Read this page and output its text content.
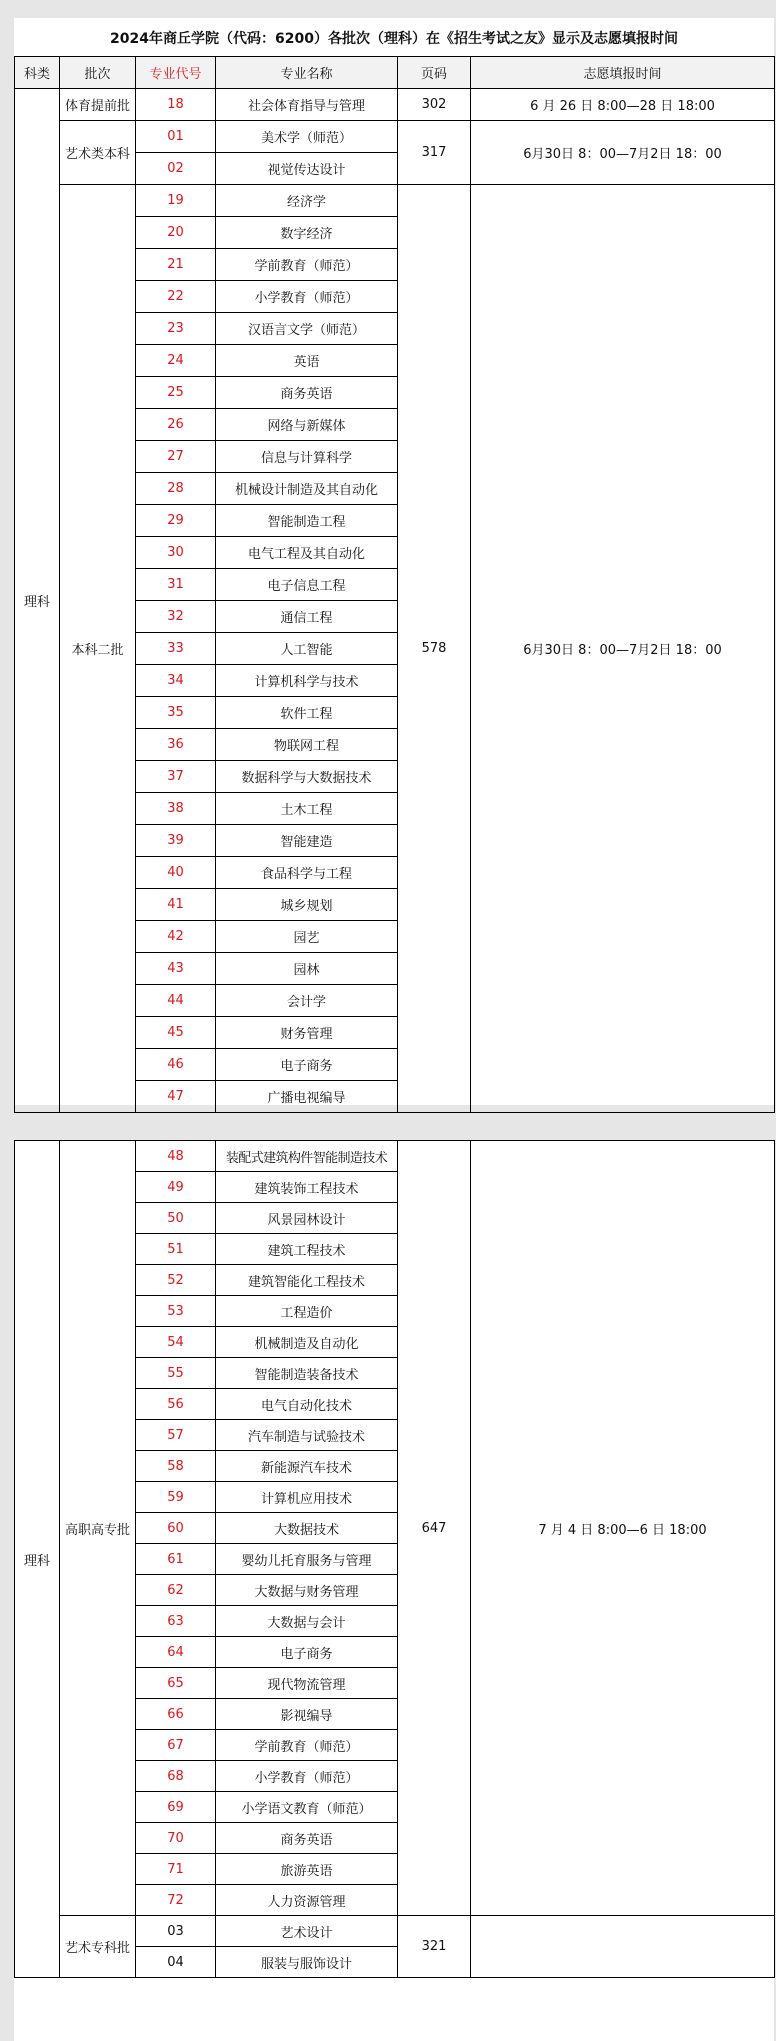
2024年商丘学院（代码：6200）各批次（理科）在《招生考试之友》显示及志愿填报时间
科类	批次	专业代号	专业名称	页码	志愿填报时间
理科	体育提前批	18	社会体育指导与管理	302	6 月 26 日 8:00—28 日 18:00
	艺术类本科	01	美术学（师范）	317	6月30日 8：00—7月2日 18：00
		02	视觉传达设计		
	本科二批	19	经济学	578	6月30日 8：00—7月2日 18：00
		20	数字经济		
		21	学前教育（师范）		
		22	小学教育（师范）		
		23	汉语言文学（师范）		
		24	英语		
		25	商务英语		
		26	网络与新媒体		
		27	信息与计算科学		
		28	机械设计制造及其自动化		
		29	智能制造工程		
		30	电气工程及其自动化		
		31	电子信息工程		
		32	通信工程		
		33	人工智能		
		34	计算机科学与技术		
		35	软件工程		
		36	物联网工程		
		37	数据科学与大数据技术		
		38	土木工程		
		39	智能建造		
		40	食品科学与工程		
		41	城乡规划		
		42	园艺		
		43	园林		
		44	会计学		
		45	财务管理		
		46	电子商务		
		47	广播电视编导		
理科	高职高专批	48	装配式建筑构件智能制造技术	647	7 月 4 日 8:00—6 日 18:00
		49	建筑装饰工程技术		
		50	风景园林设计		
		51	建筑工程技术		
		52	建筑智能化工程技术		
		53	工程造价		
		54	机械制造及自动化		
		55	智能制造装备技术		
		56	电气自动化技术		
		57	汽车制造与试验技术		
		58	新能源汽车技术		
		59	计算机应用技术		
		60	大数据技术		
		61	婴幼儿托育服务与管理		
		62	大数据与财务管理		
		63	大数据与会计		
		64	电子商务		
		65	现代物流管理		
		66	影视编导		
		67	学前教育（师范）		
		68	小学教育（师范）		
		69	小学语文教育（师范）		
		70	商务英语		
		71	旅游英语		
		72	人力资源管理		
	艺术专科批	03	艺术设计	321	
		04	服装与服饰设计		
